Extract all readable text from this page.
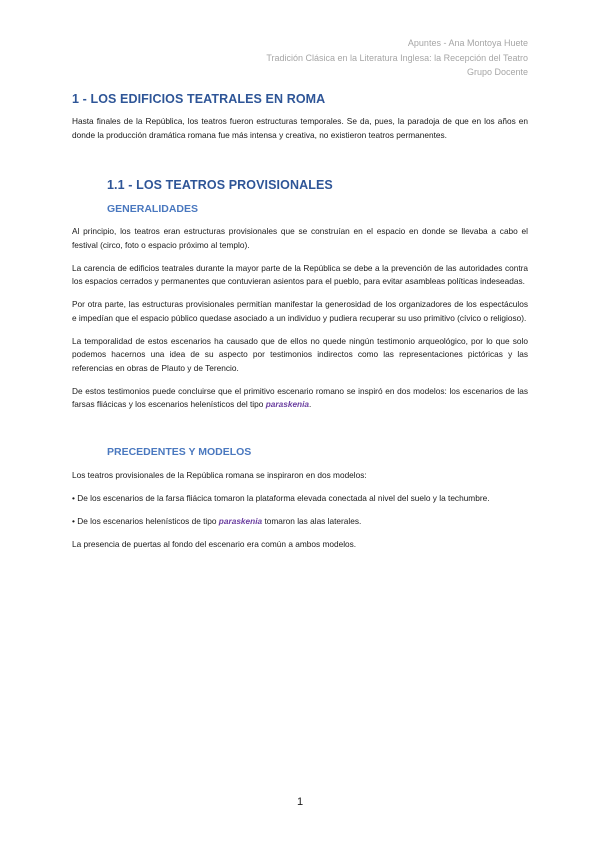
Apuntes - Ana Montoya Huete
Tradición Clásica en la Literatura Inglesa: la Recepción del Teatro
Grupo Docente
1 - LOS EDIFICIOS TEATRALES EN ROMA

Hasta finales de la República, los teatros fueron estructuras temporales. Se da, pues, la paradoja de que en los años en donde la producción dramática romana fue más intensa y creativa, no existieron teatros permanentes.

1.1 - LOS TEATROS PROVISIONALES
GENERALIDADES

Al principio, los teatros eran estructuras provisionales que se construían en el espacio en donde se llevaba a cabo el festival (circo, foto o espacio próximo al templo).

La carencia de edificios teatrales durante la mayor parte de la República se debe a la prevención de las autoridades contra los espacios cerrados y permanentes que contuvieran asientos para el pueblo, para evitar asambleas políticas indeseadas.

Por otra parte, las estructuras provisionales permitían manifestar la generosidad de los organizadores de los espectáculos e impedían que el espacio público quedase asociado a un individuo y pudiera recuperar su uso primitivo (cívico o religioso).

La temporalidad de estos escenarios ha causado que de ellos no quede ningún testimonio arqueológico, por lo que solo podemos hacernos una idea de su aspecto por testimonios indirectos como las representaciones pictóricas y las referencias en obras de Plauto y de Terencio.

De estos testimonios puede concluirse que el primitivo escenario romano se inspiró en dos modelos: los escenarios de las farsas fliácicas y los escenarios helenísticos del tipo paraskenia.

PRECEDENTES Y MODELOS

Los teatros provisionales de la República romana se inspiraron en dos modelos:

• De los escenarios de la farsa fliácica tomaron la plataforma elevada conectada al nivel del suelo y la techumbre.

• De los escenarios helenísticos de tipo paraskenia tomaron las alas laterales.

La presencia de puertas al fondo del escenario era común a ambos modelos.

1
